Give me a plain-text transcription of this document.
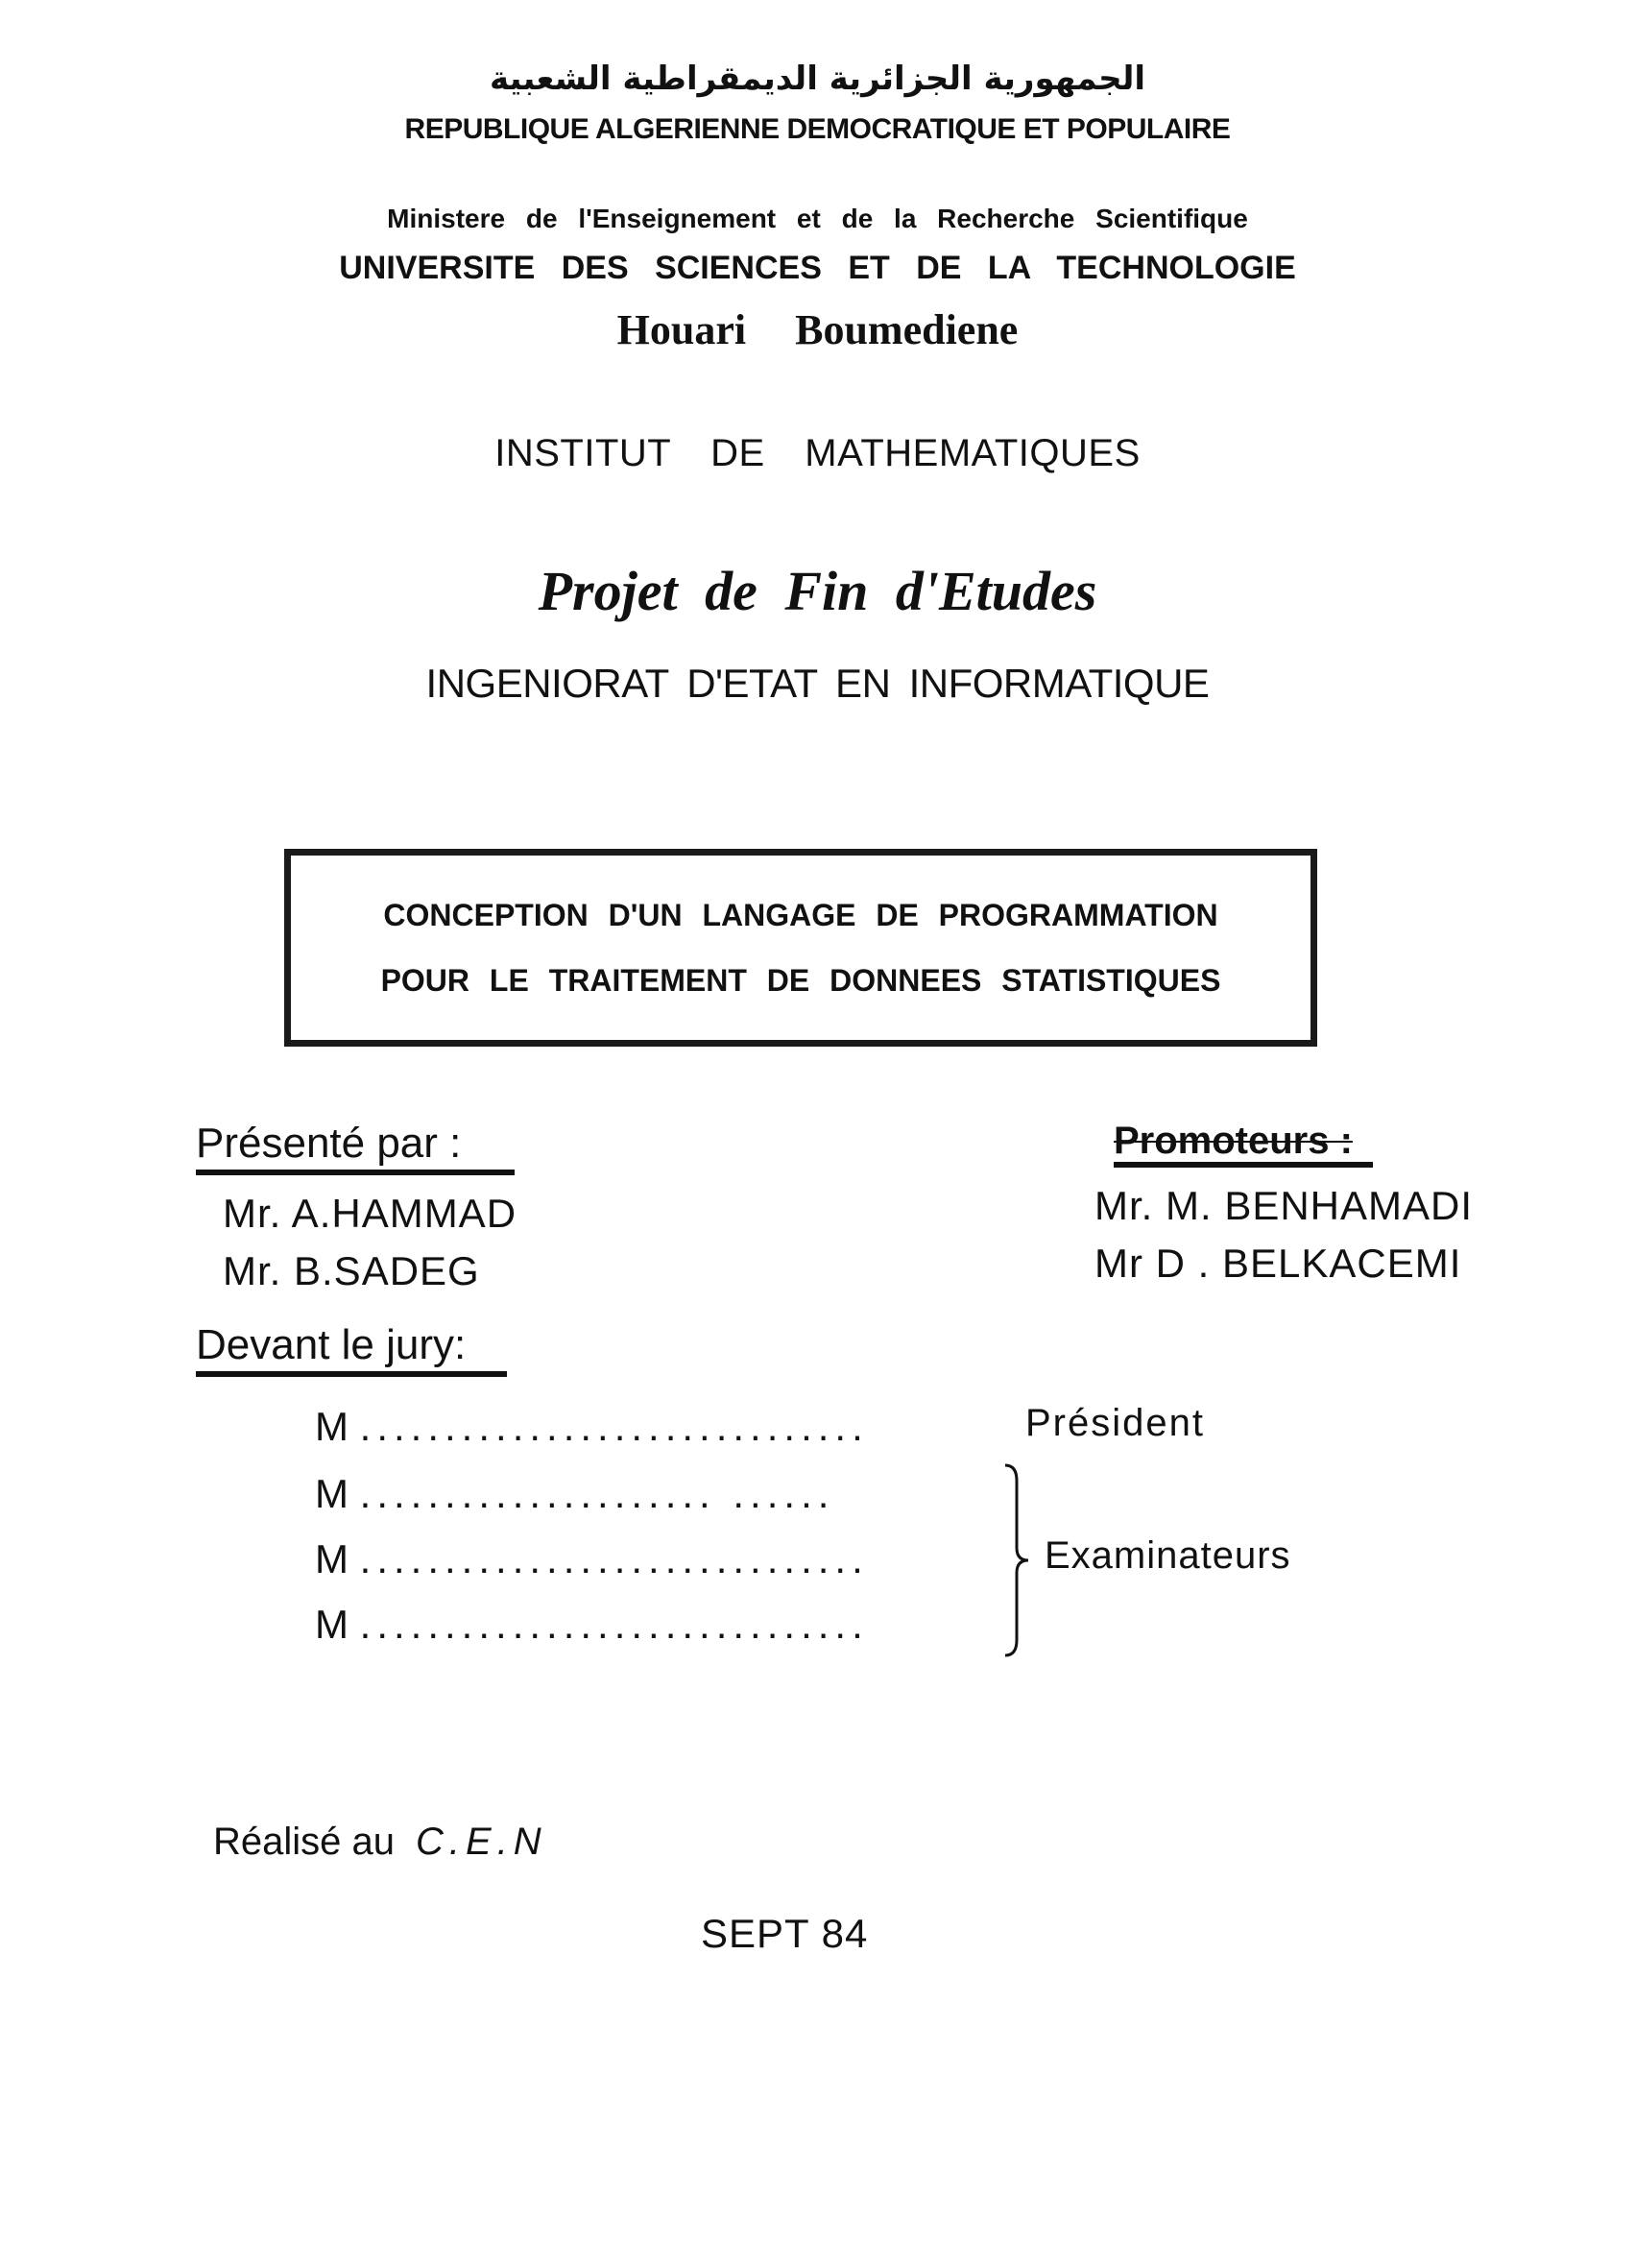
الجمهورية الجزائرية الديمقراطية الشعبية
REPUBLIQUE ALGERIENNE DEMOCRATIQUE ET POPULAIRE
Ministere de l'Enseignement et de la Recherche Scientifique
UNIVERSITE DES SCIENCES ET DE LA TECHNOLOGIE
Houari Boumediene
INSTITUT DE MATHEMATIQUES
Projet de Fin d'Etudes
INGENIORAT D'ETAT EN INFORMATIQUE
CONCEPTION D'UN LANGAGE DE PROGRAMMATION
POUR LE TRAITEMENT DE DONNEES STATISTIQUES
Présenté par :
Mr. A.HAMMAD
Mr. B.SADEG
Promoteurs :
Mr. M. BENHAMADI
Mr D . BELKACEMI
Devant le jury:
M ..............................
M ..................... ......
M ..............................
M ..............................
Président
Examinateurs
Réalisé au C.E.N
SEPT 84
